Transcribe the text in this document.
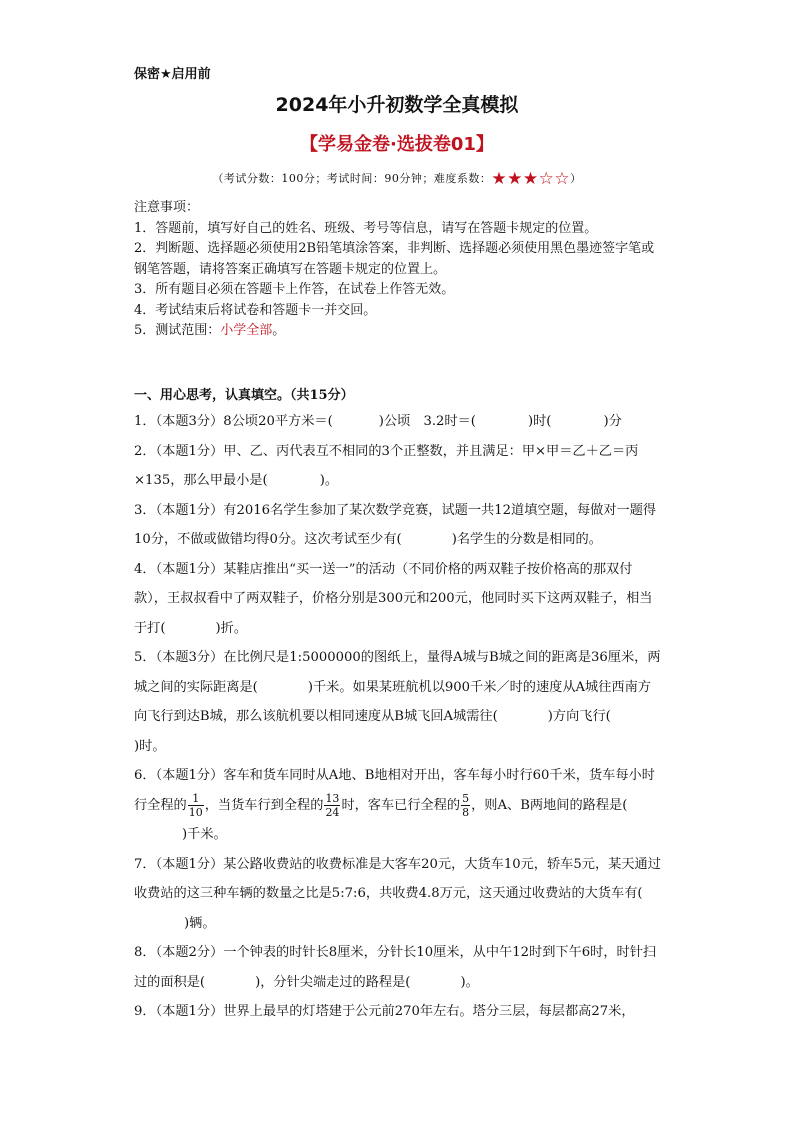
保密★启用前
2024年小升初数学全真模拟
【学易金卷·选拔卷01】
（考试分数：100分；考试时间：90分钟；难度系数：★★★☆☆）
注意事项：
1．答题前，填写好自己的姓名、班级、考号等信息，请写在答题卡规定的位置。
2．判断题、选择题必须使用2B铅笔填涂答案，非判断、选择题必须使用黑色墨迹签字笔或钢笔答题，请将答案正确填写在答题卡规定的位置上。
3．所有题目必须在答题卡上作答，在试卷上作答无效。
4．考试结束后将试卷和答题卡一并交回。
5．测试范围：小学全部。
一、用心思考，认真填空。（共15分）

1．（本题3分）8公顷20平方米＝(	)公顷　3.2时＝(	)时(	)分

2．（本题1分）甲、乙、丙代表互不相同的3个正整数，并且满足：甲×甲＝乙＋乙＝丙×135，那么甲最小是(	)。

3．（本题1分）有2016名学生参加了某次数学竞赛，试题一共12道填空题，每做对一题得10分，不做或做错均得0分。这次考试至少有(	)名学生的分数是相同的。

4．（本题1分）某鞋店推出“买一送一”的活动（不同价格的两双鞋子按价格高的那双付款），王叔叔看中了两双鞋子，价格分别是300元和200元，他同时买下这两双鞋子，相当于打(	)折。

5．（本题3分）在比例尺是1:5000000的图纸上，量得A城与B城之间的距离是36厘米，两城之间的实际距离是(	)千米。如果某班航机以900千米／时的速度从A城往西南方向飞行到达B城，那么该航机要以相同速度从B城飞回A城需往(	)方向飞行()时。

6．（本题1分）客车和货车同时从A地、B地相对开出，客车每小时行60千米，货车每小时行全程的 $\frac{1}{10}$ ，当货车行到全程的 $\frac{13}{24}$ 时，客车已行全程的 $\frac{5}{8}$ ，则A、B两地间的路程是()千米。

7．（本题1分）某公路收费站的收费标准是大客车20元，大货车10元，轿车5元，某天通过收费站的这三种车辆的数量之比是5:7:6，共收费4.8万元，这天通过收费站的大货车有()辆。

8．（本题2分）一个钟表的时针长8厘米，分针长10厘米，从中午12时到下午6时，时针扫过的面积是(	)，分针尖端走过的路程是(	)。

9．（本题1分）世界上最早的灯塔建于公元前270年左右。塔分三层，每层都高27米，
